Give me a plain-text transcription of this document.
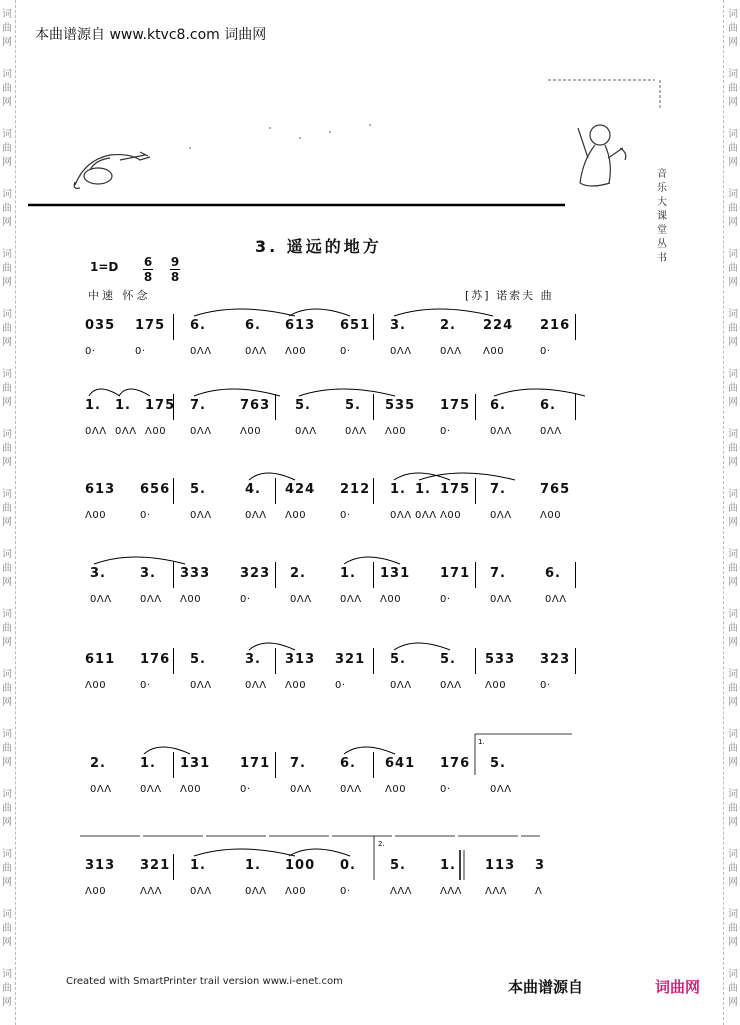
词
曲
网
词
曲
网
词
曲
网
词
曲
网
词
曲
网
词
曲
网
词
曲
网
词
曲
网
词
曲
网
词
曲
网
词
曲
网
词
曲
网
词
曲
网
词
曲
网
词
曲
网
词
曲
网
词
曲
网
词
曲
网
词
曲
网
词
曲
网
词
曲
网
词
曲
网
词
曲
网
词
曲
网
词
曲
网
词
曲
网
词
曲
网
词
曲
网
词
曲
网
词
曲
网
词
曲
网
词
曲
网
词
曲
网
词
曲
网
本曲谱源自 www.ktvc8.com 词曲网
音乐大课堂丛书
3. 遥远的地方
1=D 6
8
9
8
中速 怀念	[苏] 诺索夫 曲
035 175 6.	6. 613 651 3.	2. 224 216
0·	0·	0ΛΛ	0ΛΛ Λ00	0·	0ΛΛ	0ΛΛ Λ00	0·
1. 1. 175 7.	763 5.	5. 535 175 6.	6.
0ΛΛ 0ΛΛ Λ00 0ΛΛ	Λ00	0ΛΛ	0ΛΛ Λ00	0·	0ΛΛ	0ΛΛ
613 656 5.	4. 424 212 1. 1. 175 7.	765
Λ00	0·	0ΛΛ	0ΛΛ Λ00	0·	0ΛΛ 0ΛΛ Λ00	0ΛΛ	Λ00
3.	3. 333 323 2.	1. 131 171 7.	6.
0ΛΛ	0ΛΛ Λ00	0·	0ΛΛ	0ΛΛ Λ00	0·	0ΛΛ	0ΛΛ
611 176 5.	3. 313 321 5.	5. 533 323
Λ00	0·	0ΛΛ	0ΛΛ Λ00	0·	0ΛΛ	0ΛΛ Λ00	0·
2.	1. 131 171 7.	6. 641 176 5.
0ΛΛ	0ΛΛ Λ00	0·	0ΛΛ	0ΛΛ Λ00	0·	0ΛΛ
313 321 1.	1. 100 0.	5.	1. 113 3
Λ00	ΛΛΛ	0ΛΛ	0ΛΛ Λ00	0·	ΛΛΛ	ΛΛΛ ΛΛΛ	Λ
Created with SmartPrinter trail version www.i-enet.com	本曲谱源自	词曲网
1.
2.
